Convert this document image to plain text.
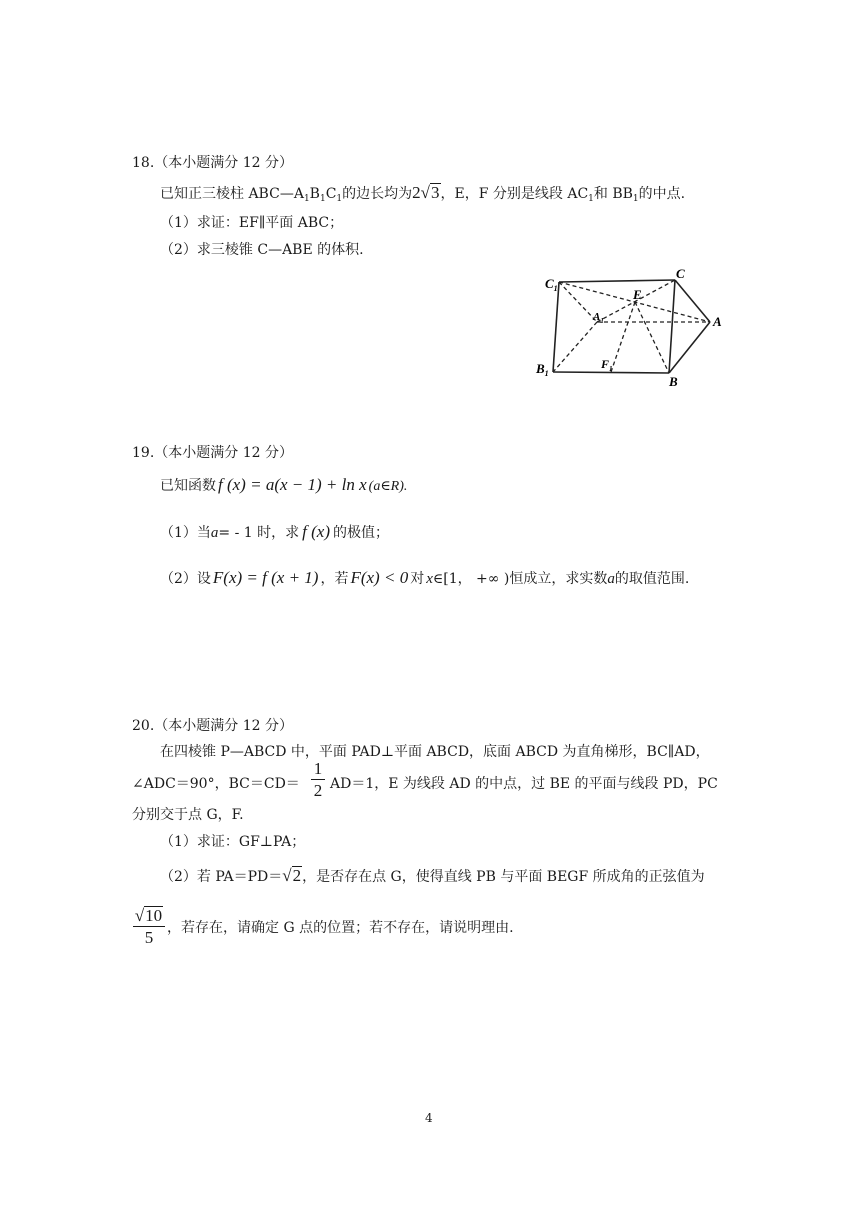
18.（本小题满分 12 分）
已知正三棱柱 $ABC—A_1B_1C_1$的边长均为2√3，E，F 分别是线段 $AC_1$和 $BB_1$的中点.
（1）求证：EF∥平面 ABC；
（2）求三棱锥 C—ABE 的体积.
$C_1$
C
E
$A_1$	A
$B_1$
$F_1$
B
19.（本小题满分 12 分）
已知函数 f (x) = a(x − 1) + ln x (a∈R).
（1）当a= - 1 时，求 f (x) 的极值；
（2）设 F(x) = f (x + 1) ，若 F(x) < 0 对 x∈[1， +∞ )恒成立，求实数a的取值范围.
20.（本小题满分 12 分）
在四棱锥 P—ABCD 中，平面 PAD⊥平面 ABCD，底面 ABCD 为直角梯形，BC∥AD，
∠ADC＝90°，BC＝CD＝
1
2 AD＝1，E 为线段 AD 的中点，过 BE 的平面与线段 PD，PC
分别交于点 G，F.
（1）求证：GF⊥PA；
（2）若 PA＝PD＝√2，是否存在点 G，使得直线 PB 与平面 BEGF 所成角的正弦值为
√10
5 ，若存在，请确定 G 点的位置；若不存在，请说明理由.
4
